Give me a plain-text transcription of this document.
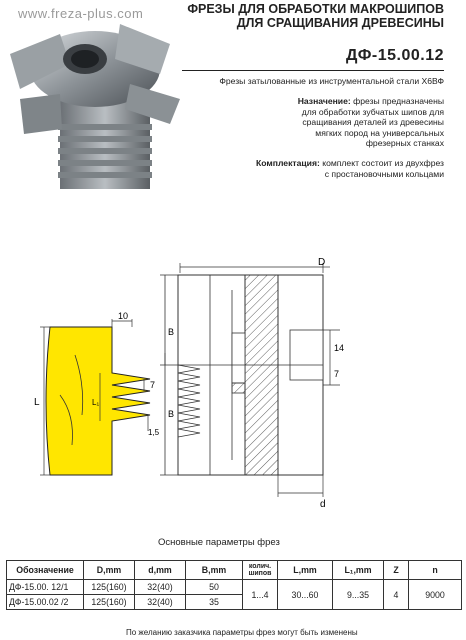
www.freza-plus.com	ФРЕЗЫ ДЛЯ ОБРАБОТКИ МАКРОШИПОВ
ДЛЯ СРАЩИВАНИЯ ДРЕВЕСИНЫ
ДФ-15.00.12
Фрезы затылованные из инструментальной стали Х6ВФ
Назначение: фрезы предназначены
для обработки зубчатых шипов для
сращивания деталей из древесины
мягких пород на универсальных
фрезерных станках
Комплектация: комплект состоит из двухфрез
с простановочными кольцами
10
L	L₁
7
1,5
B
B
D
14
7
d
Основные параметры фрез
Обозначение	D,mm	d,mm	B,mm	колич. шипов	L,mm	L₁,mm	Z	n
ДФ-15.00. 12/1	125(160)	32(40)	50	1...4	30...60	9...35	4	9000
ДФ-15.00.02 /2	125(160)	32(40)	35					
По желанию заказчика параметры фрез могут быть изменены
